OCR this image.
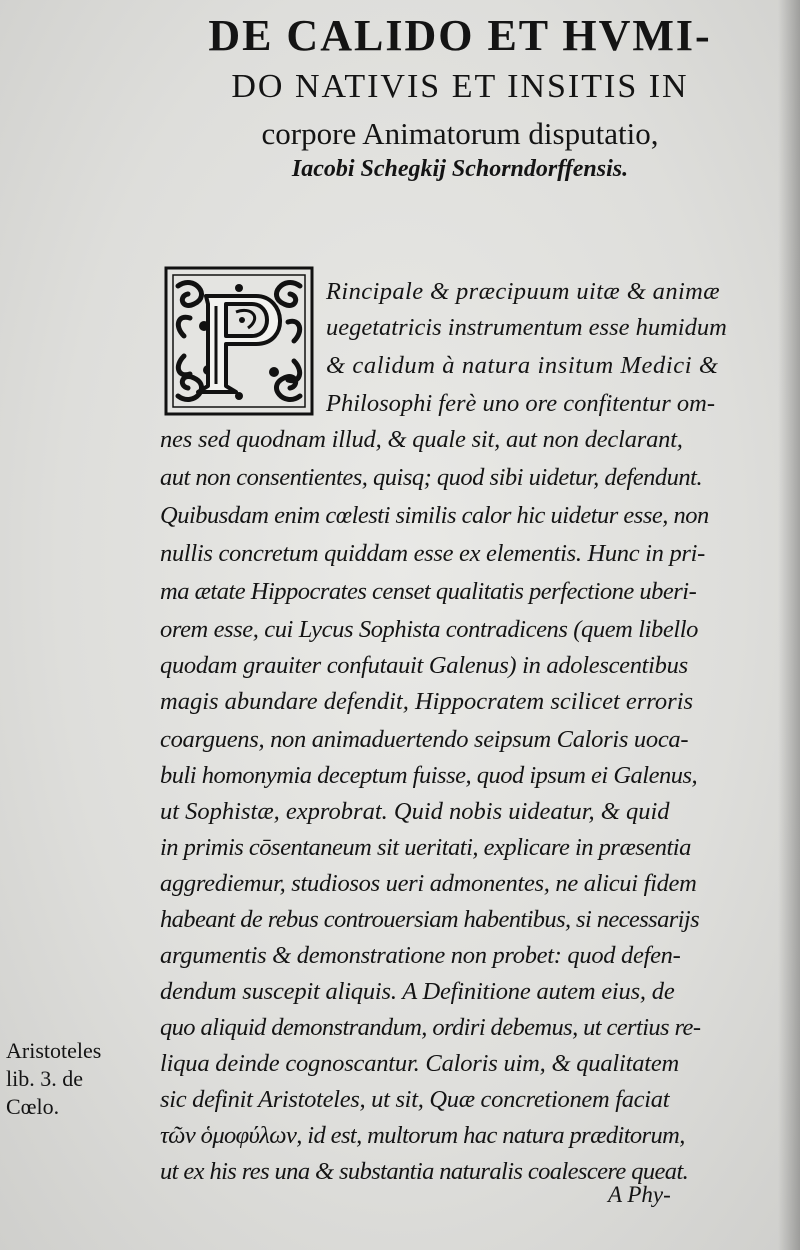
DE CALIDO ET HVMI-
DO NATIVIS ET INSITIS IN
corpore Animatorum disputatio,
Iacobi Schegkij Schorndorffensis.
Rincipale & præcipuum uitæ & animæ
uegetatricis instrumentum esse humidum
& calidum à natura insitum Medici &
Philosophi ferè uno ore confitentur om-
nes sed quodnam illud, & quale sit, aut non declarant,
aut non consentientes, quisq; quod sibi uidetur, defendunt.
Quibusdam enim cœlesti similis calor hic uidetur esse, non
nullis concretum quiddam esse ex elementis. Hunc in pri-
ma ætate Hippocrates censet qualitatis perfectione uberi-
orem esse, cui Lycus Sophista contradicens (quem libello
quodam grauiter confutauit Galenus) in adolescentibus
magis abundare defendit, Hippocratem scilicet erroris
coarguens, non animaduertendo seipsum Caloris uoca-
buli homonymia deceptum fuisse, quod ipsum ei Galenus,
ut Sophistæ, exprobrat. Quid nobis uideatur, & quid
in primis cōsentaneum sit ueritati, explicare in præsentia
aggrediemur, studiosos ueri admonentes, ne alicui fidem
habeant de rebus controuersiam habentibus, si necessarijs
argumentis & demonstratione non probet: quod defen-
dendum suscepit aliquis. A Definitione autem eius, de
quo aliquid demonstrandum, ordiri debemus, ut certius re-
liqua deinde cognoscantur. Caloris uim, & qualitatem
sic definit Aristoteles, ut sit, Quæ concretionem faciat
τῶν ὁμοφύλων, id est, multorum hac natura præditorum,
ut ex his res una & substantia naturalis coalescere queat.
A Phy-
Aristoteles
lib. 3. de
Cœlo.
